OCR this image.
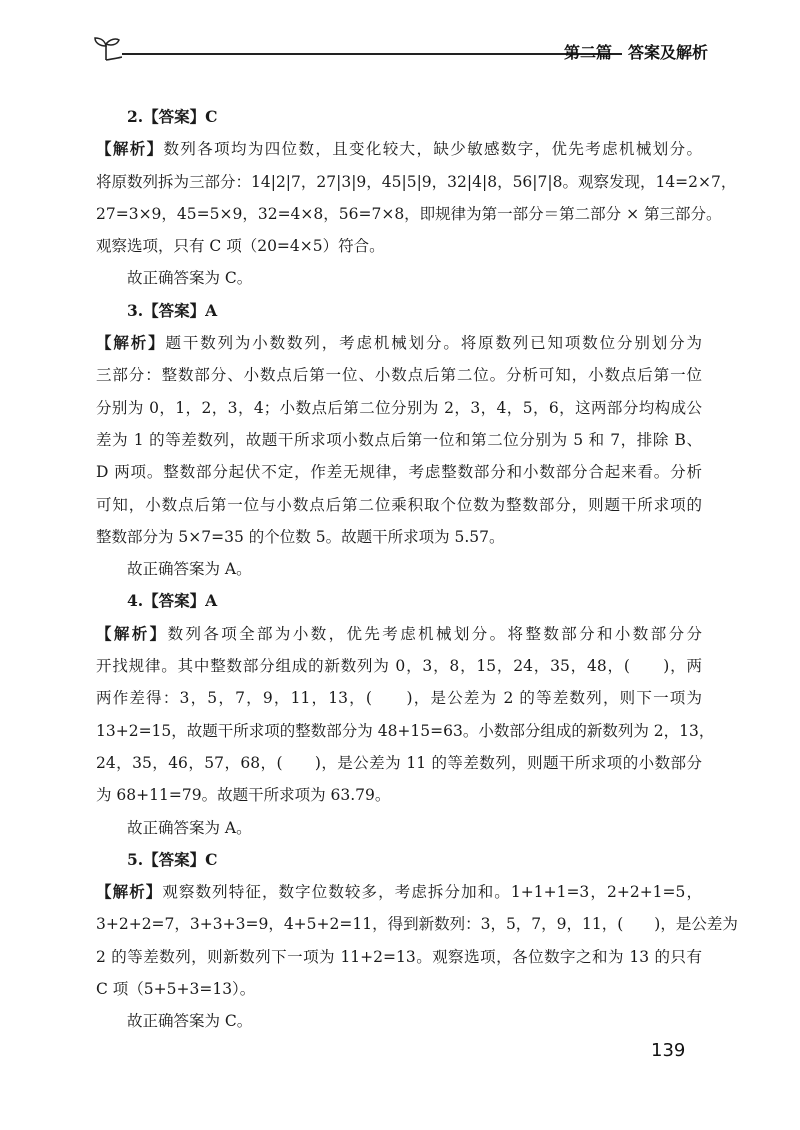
第二篇　答案及解析
2.【答案】C
【解析】数列各项均为四位数，且变化较大，缺少敏感数字，优先考虑机械划分。
将原数列拆为三部分：14|2|7，27|3|9，45|5|9，32|4|8，56|7|8。观察发现，14=2×7，
27=3×9，45=5×9，32=4×8，56=7×8，即规律为第一部分＝第二部分 × 第三部分。
观察选项，只有 C 项（20=4×5）符合。
故正确答案为 C。
3.【答案】A
【解析】题干数列为小数数列，考虑机械划分。将原数列已知项数位分别划分为
三部分：整数部分、小数点后第一位、小数点后第二位。分析可知，小数点后第一位
分别为 0，1，2，3，4；小数点后第二位分别为 2，3，4，5，6，这两部分均构成公
差为 1 的等差数列，故题干所求项小数点后第一位和第二位分别为 5 和 7，排除 B、
D 两项。整数部分起伏不定，作差无规律，考虑整数部分和小数部分合起来看。分析
可知，小数点后第一位与小数点后第二位乘积取个位数为整数部分，则题干所求项的
整数部分为 5×7=35 的个位数 5。故题干所求项为 5.57。
故正确答案为 A。
4.【答案】A
【解析】数列各项全部为小数，优先考虑机械划分。将整数部分和小数部分分
开找规律。其中整数部分组成的新数列为 0，3，8，15，24，35，48，(　　)，两
两作差得：3，5，7，9，11，13，(　　)，是公差为 2 的等差数列，则下一项为
13+2=15，故题干所求项的整数部分为 48+15=63。小数部分组成的新数列为 2，13，
24，35，46，57，68，(　　)，是公差为 11 的等差数列，则题干所求项的小数部分
为 68+11=79。故题干所求项为 63.79。
故正确答案为 A。
5.【答案】C
【解析】观察数列特征，数字位数较多，考虑拆分加和。1+1+1=3，2+2+1=5，
3+2+2=7，3+3+3=9，4+5+2=11，得到新数列：3，5，7，9，11，(　　)，是公差为
2 的等差数列，则新数列下一项为 11+2=13。观察选项，各位数字之和为 13 的只有
C 项（5+5+3=13）。
故正确答案为 C。
139
